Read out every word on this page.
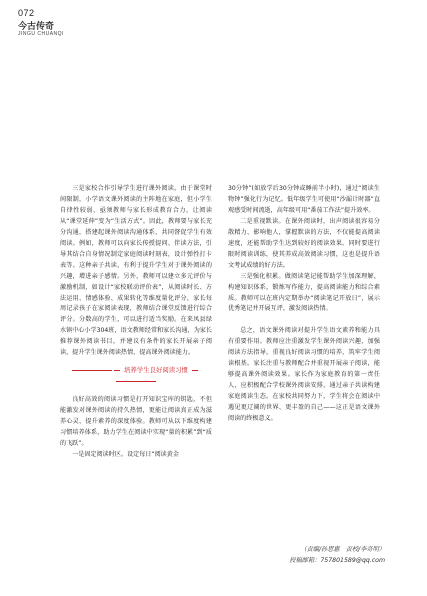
072
今古传奇
JINGU CHUANQI

三是家校合作引导学生进行课外阅读。由于课堂时间限制，小学语文课外阅读的主阵地在家庭，但小学生自律性较弱，亟须教师与家长形成教育合力，让阅读从“课堂延伸”变为“生活方式”。因此，教师要与家长充分沟通，搭建起课外阅读沟通体系，共同督促学生有效阅读。例如，教师可以向家长传授提问、伴读方法，引导其结合自身情况制定家庭阅读时刻表，设计弹性打卡表等。这种亲子共读，有利于提升学生对于课外阅读的兴趣，增进亲子感情。另外，教师可以建立多元评价与激励机制，如设计“家校联动评价表”，从阅读时长、方法运用、情感体验、成果转化等维度量化评分，家长每周记录孩子在家阅读表现，教师结合课堂反馈进行综合评分。分数高的学生，可以进行适当奖励。在来凤县绿水镇中心小学304班，语文教师经常和家长沟通，为家长推荐课外阅读书目，并建议有条件的家长开展亲子阅读，提升学生课外阅读热情，提高课外阅读能力。

培养学生良好阅读习惯

良好高效的阅读习惯是打开知识宝库的钥匙，不但能激发对课外阅读的持久热情，更能让阅读真正成为滋养心灵、提升素养的深度体验。教师可从以下维度构建习惯培养体系，助力学生在阅读中实现“量的积累”到“质的飞跃”。

一是固定阅读时区。设定每日“阅读黄金

30分钟”(如放学后30分钟或睡前半小时)，通过“阅读生物钟”强化行为记忆。低年级学生可使用“沙漏计时器”直观感受时间流逝，高年级可用“番茄工作法”提升效率。

二是重视默读。在课外阅读时，出声阅读很容易分散精力、影响他人，掌握默读的方法，不仅能提高阅读速度，还能帮助学生达到较好的阅读效果。同时要进行限时阅读训练，使其养成高效阅读习惯，这也是提升语文考试成绩的好方法。

三是强化积累。做阅读笔记能帮助学生加深理解，构建知识体系，锻炼写作能力，提高阅读能力和综合素质。教师可以在班内定期举办“阅读笔记开放日”，展示优秀笔记并开展互评，激发阅读热情。

总之，语文课外阅读对提升学生语文素养和能力具有重要作用。教师应注重激发学生课外阅读兴趣，加强阅读方法指导，重视良好阅读习惯的培养，筑牢学生阅读根基。家长注重与教师配合并重视开展亲子阅读，能够提高课外阅读效果。家长作为家庭教育的第一责任人，应积极配合学校课外阅读安排，通过亲子共读构建家庭阅读生态。在家校共同努力下，学生将会在阅读中遇见更辽阔的世界、更丰盈的自己——这正是语文课外阅读的终极意义。

（责编/孙思惠　责校/李奇明）
投稿邮箱：757801589@qq.com
